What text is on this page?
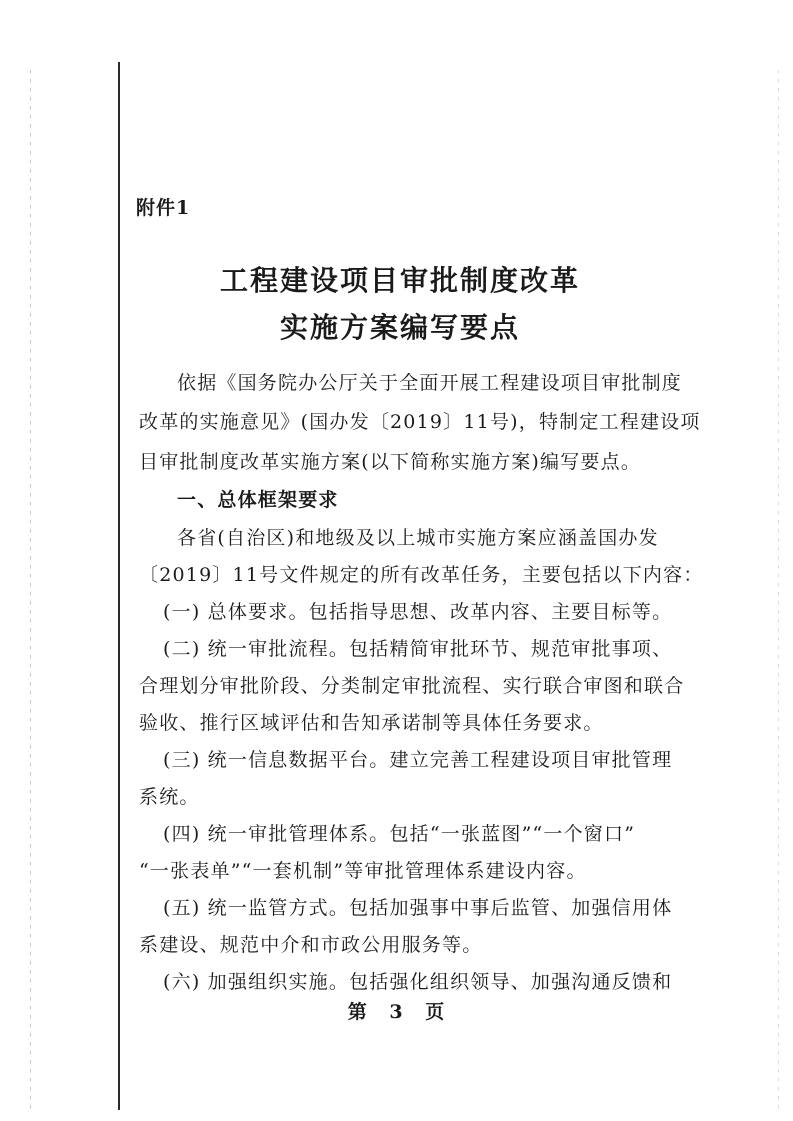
附件1
工程建设项目审批制度改革
实施方案编写要点
依据《国务院办公厅关于全面开展工程建设项目审批制度
改革的实施意见》(国办发〔2019〕11号)，特制定工程建设项
目审批制度改革实施方案(以下简称实施方案)编写要点。
一、总体框架要求
各省(自治区)和地级及以上城市实施方案应涵盖国办发
〔2019〕11号文件规定的所有改革任务，主要包括以下内容：
(一) 总体要求。包括指导思想、改革内容、主要目标等。
(二) 统一审批流程。包括精简审批环节、规范审批事项、
合理划分审批阶段、分类制定审批流程、实行联合审图和联合
验收、推行区域评估和告知承诺制等具体任务要求。
(三) 统一信息数据平台。建立完善工程建设项目审批管理
系统。
(四) 统一审批管理体系。包括“一张蓝图”“一个窗口”
“一张表单”“一套机制”等审批管理体系建设内容。
(五) 统一监管方式。包括加强事中事后监管、加强信用体
系建设、规范中介和市政公用服务等。
(六) 加强组织实施。包括强化组织领导、加强沟通反馈和
第 3 页
